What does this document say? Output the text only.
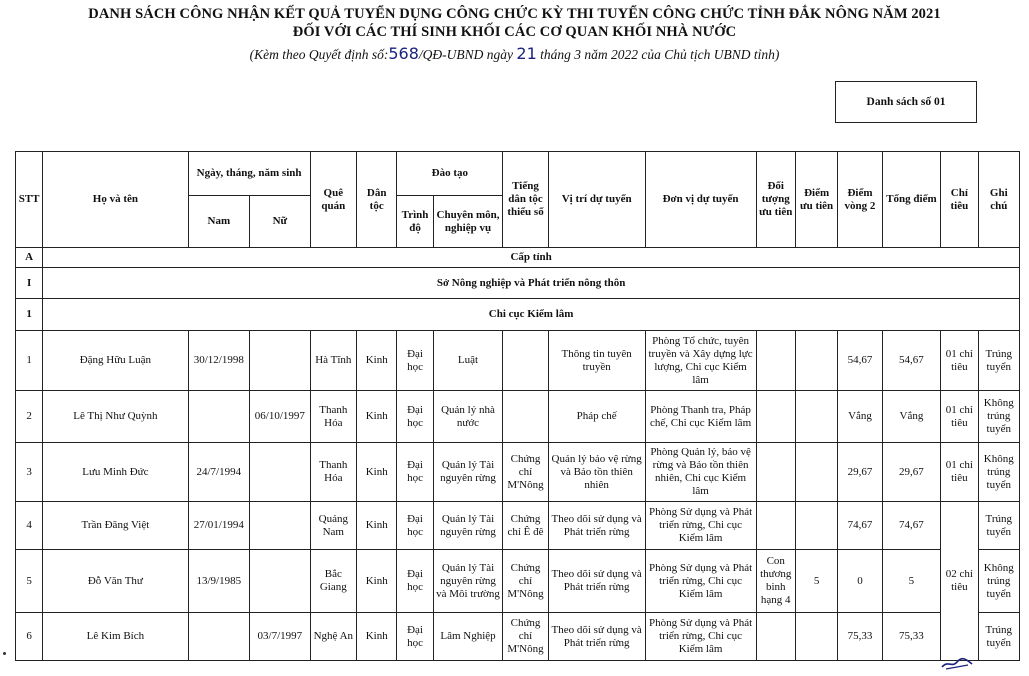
DANH SÁCH CÔNG NHẬN KẾT QUẢ TUYỂN DỤNG CÔNG CHỨC KỲ THI TUYỂN CÔNG CHỨC TỈNH ĐẮK NÔNG NĂM 2021
ĐỐI VỚI CÁC THÍ SINH KHỐI CÁC CƠ QUAN KHỐI NHÀ NƯỚC
(Kèm theo Quyết định số:568/QĐ-UBND ngày 21 tháng 3 năm 2022 của Chủ tịch UBND tỉnh)
Danh sách số 01
STT	Họ và tên	Ngày, tháng, năm sinh		Quê quán	Dân tộc	Đào tạo		Tiếng dân tộc thiểu số	Vị trí dự tuyển	Đơn vị dự tuyển	Đối tượng ưu tiên	Điểm ưu tiên	Điểm vòng 2	Tổng điểm	Chỉ tiêu	Ghi chú
		Nam	Nữ			Trình độ	Chuyên môn, nghiệp vụ									
A	Cấp tỉnh															
I	Sở Nông nghiệp và Phát triển nông thôn															
1	Chi cục Kiểm lâm															
1	Đặng Hữu Luận	30/12/1998		Hà Tĩnh	Kinh	Đại học	Luật		Thông tin tuyên truyền	Phòng Tổ chức, tuyên truyền và Xây dựng lực lượng, Chi cục Kiểm lâm			54,67	54,67	01 chỉ tiêu	Trúng tuyển
2	Lê Thị Như Quỳnh		06/10/1997	Thanh Hóa	Kinh	Đại học	Quản lý nhà nước		Pháp chế	Phòng Thanh tra, Pháp chế, Chi cục Kiểm lâm			Vắng	Vắng	01 chỉ tiêu	Không trúng tuyển
3	Lưu Minh Đức	24/7/1994		Thanh Hóa	Kinh	Đại học	Quản lý Tài nguyên rừng	Chứng chỉ M'Nông	Quản lý bảo vệ rừng và Bảo tồn thiên nhiên	Phòng Quản lý, bảo vệ rừng và Bảo tồn thiên nhiên, Chi cục Kiểm lâm			29,67	29,67	01 chỉ tiêu	Không trúng tuyển
4	Trần Đăng Việt	27/01/1994		Quảng Nam	Kinh	Đại học	Quản lý Tài nguyên rừng	Chứng chỉ Ê đê	Theo dõi sử dụng và Phát triển rừng	Phòng Sử dụng và Phát triển rừng, Chi cục Kiểm lâm			74,67	74,67	02 chỉ tiêu	Trúng tuyển
5	Đỗ Văn Thư	13/9/1985		Bắc Giang	Kinh	Đại học	Quản lý Tài nguyên rừng và Môi trường	Chứng chỉ M'Nông	Theo dõi sử dụng và Phát triển rừng	Phòng Sử dụng và Phát triển rừng, Chi cục Kiểm lâm	Con thương binh hạng 4	5	0	5		Không trúng tuyển
6	Lê Kim Bích		03/7/1997	Nghệ An	Kinh	Đại học	Lâm Nghiệp	Chứng chỉ M'Nông	Theo dõi sử dụng và Phát triển rừng	Phòng Sử dụng và Phát triển rừng, Chi cục Kiểm lâm			75,33	75,33		Trúng tuyển
